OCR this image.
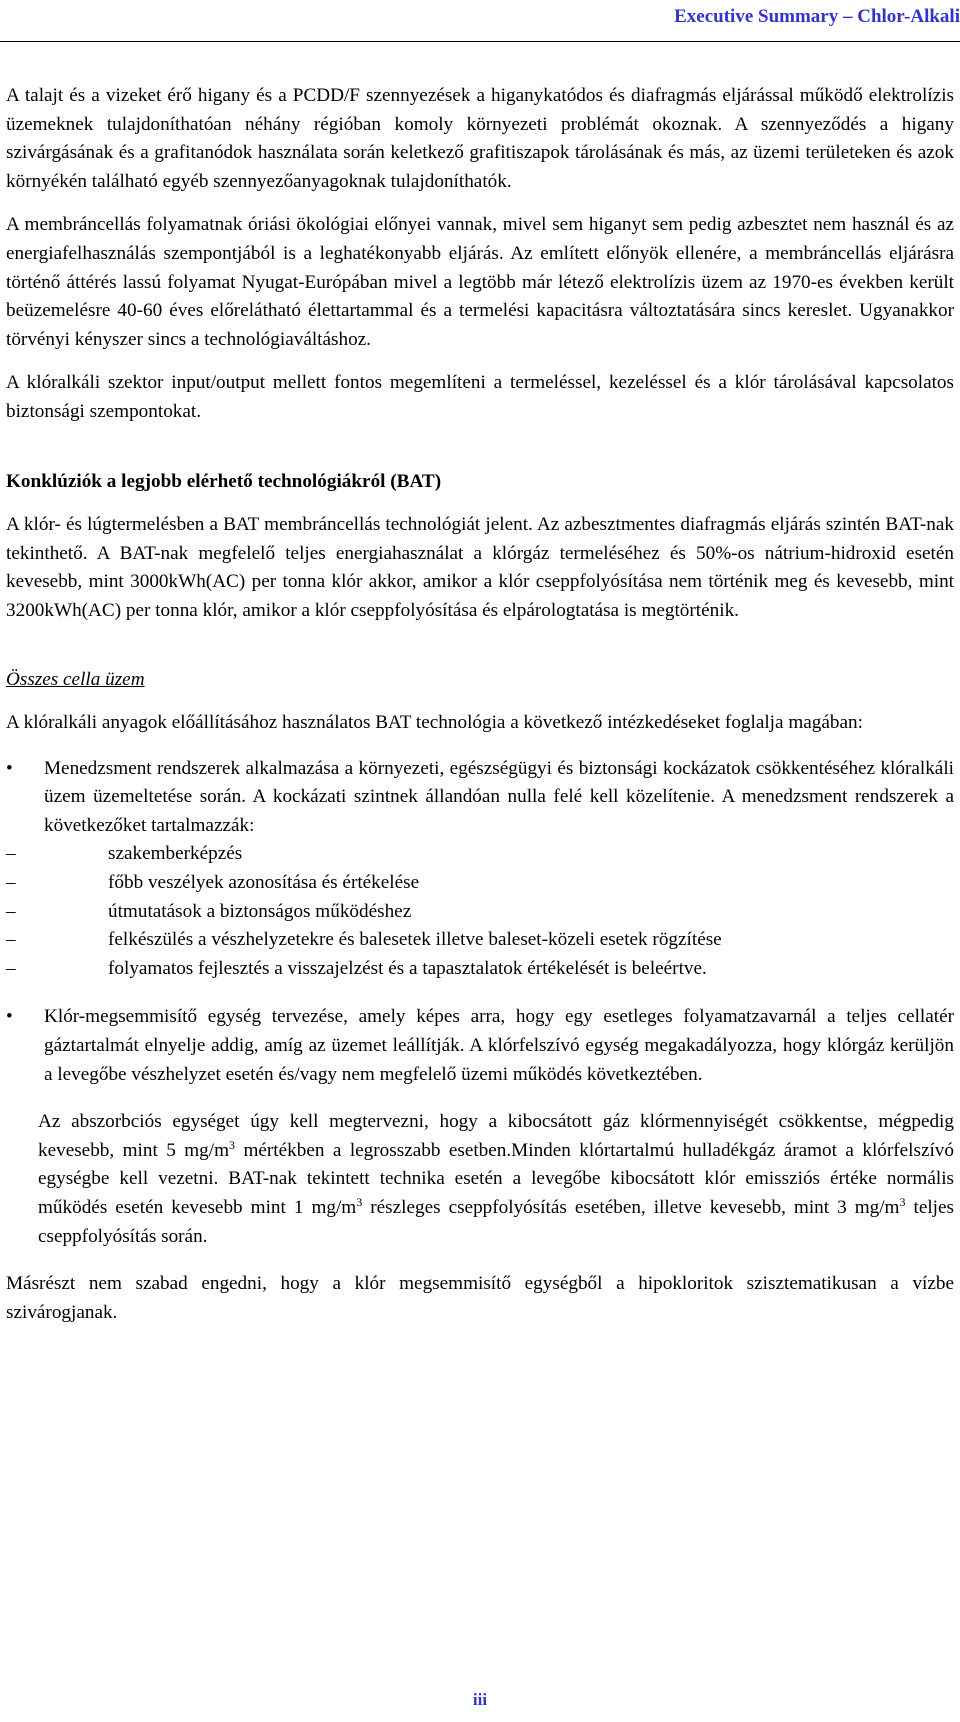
Executive Summary – Chlor-Alkali

A talajt és a vizeket érő higany és a PCDD/F szennyezések a higanykatódos és diafragmás eljárással működő elektrolízis üzemeknek tulajdoníthatóan néhány régióban komoly környezeti problémát okoznak. A szennyeződés a higany szivárgásának és a grafitanódok használata során keletkező grafitiszapok tárolásának és más, az üzemi területeken és azok környékén található egyéb szennyezőanyagoknak tulajdoníthatók.

A membráncellás folyamatnak óriási ökológiai előnyei vannak, mivel sem higanyt sem pedig azbesztet nem használ és az energiafelhasználás szempontjából is a leghatékonyabb eljárás. Az említett előnyök ellenére, a membráncellás eljárásra történő áttérés lassú folyamat Nyugat-Európában mivel a legtöbb már létező elektrolízis üzem az 1970-es években került beüzemelésre 40-60 éves előrelátható élettartammal és a termelési kapacitásra változtatására sincs kereslet. Ugyanakkor törvényi kényszer sincs a technológiaváltáshoz.

A klóralkáli szektor input/output mellett fontos megemlíteni a termeléssel, kezeléssel és a klór tárolásával kapcsolatos biztonsági szempontokat.

Konklúziók a legjobb elérhető technológiákról (BAT)

A klór- és lúgtermelésben a BAT membráncellás technológiát jelent. Az azbesztmentes diafragmás eljárás szintén BAT-nak tekinthető. A BAT-nak megfelelő teljes energiahasználat a klórgáz termeléséhez és 50%-os nátrium-hidroxid esetén kevesebb, mint 3000kWh(AC) per tonna klór akkor, amikor a klór cseppfolyósítása nem történik meg és kevesebb, mint 3200kWh(AC) per tonna klór, amikor a klór cseppfolyósítása és elpárologtatása is megtörténik.

Összes cella üzem

A klóralkáli anyagok előállításához használatos BAT technológia a következő intézkedéseket foglalja magában:

•	Menedzsment rendszerek alkalmazása a környezeti, egészségügyi és biztonsági kockázatok csökkentéséhez klóralkáli üzem üzemeltetése során. A kockázati szintnek állandóan nulla felé kell közelítenie. A menedzsment rendszerek a következőket tartalmazzák:

–	szakemberképzés
–	főbb veszélyek azonosítása és értékelése
–	útmutatások a biztonságos működéshez
–	felkészülés a vészhelyzetekre és balesetek illetve baleset-közeli esetek rögzítése
–	folyamatos fejlesztés a visszajelzést és a tapasztalatok értékelését is beleértve.
•	Klór-megsemmisítő egység tervezése, amely képes arra, hogy egy esetleges folyamatzavarnál a teljes cellatér gáztartalmát elnyelje addig, amíg az üzemet leállítják. A klórfelszívó egység megakadályozza, hogy klórgáz kerüljön a levegőbe vészhelyzet esetén és/vagy nem megfelelő üzemi működés következtében.

Az abszorbciós egységet úgy kell megtervezni, hogy a kibocsátott gáz klórmennyiségét csökkentse, mégpedig kevesebb, mint 5 $mg/m^3$ mértékben a legrosszabb esetben.Minden klórtartalmú hulladékgáz áramot a klórfelszívó egységbe kell vezetni. BAT-nak tekintett technika esetén a levegőbe kibocsátott klór emissziós értéke normális működés esetén kevesebb mint 1 $mg/m^3$ részleges cseppfolyósítás esetében, illetve kevesebb, mint 3 $mg/m^3$ teljes cseppfolyósítás során.

Másrészt nem szabad engedni, hogy a klór megsemmisítő egységből a hipokloritok szisztematikusan a vízbe szivárogjanak.

iii
